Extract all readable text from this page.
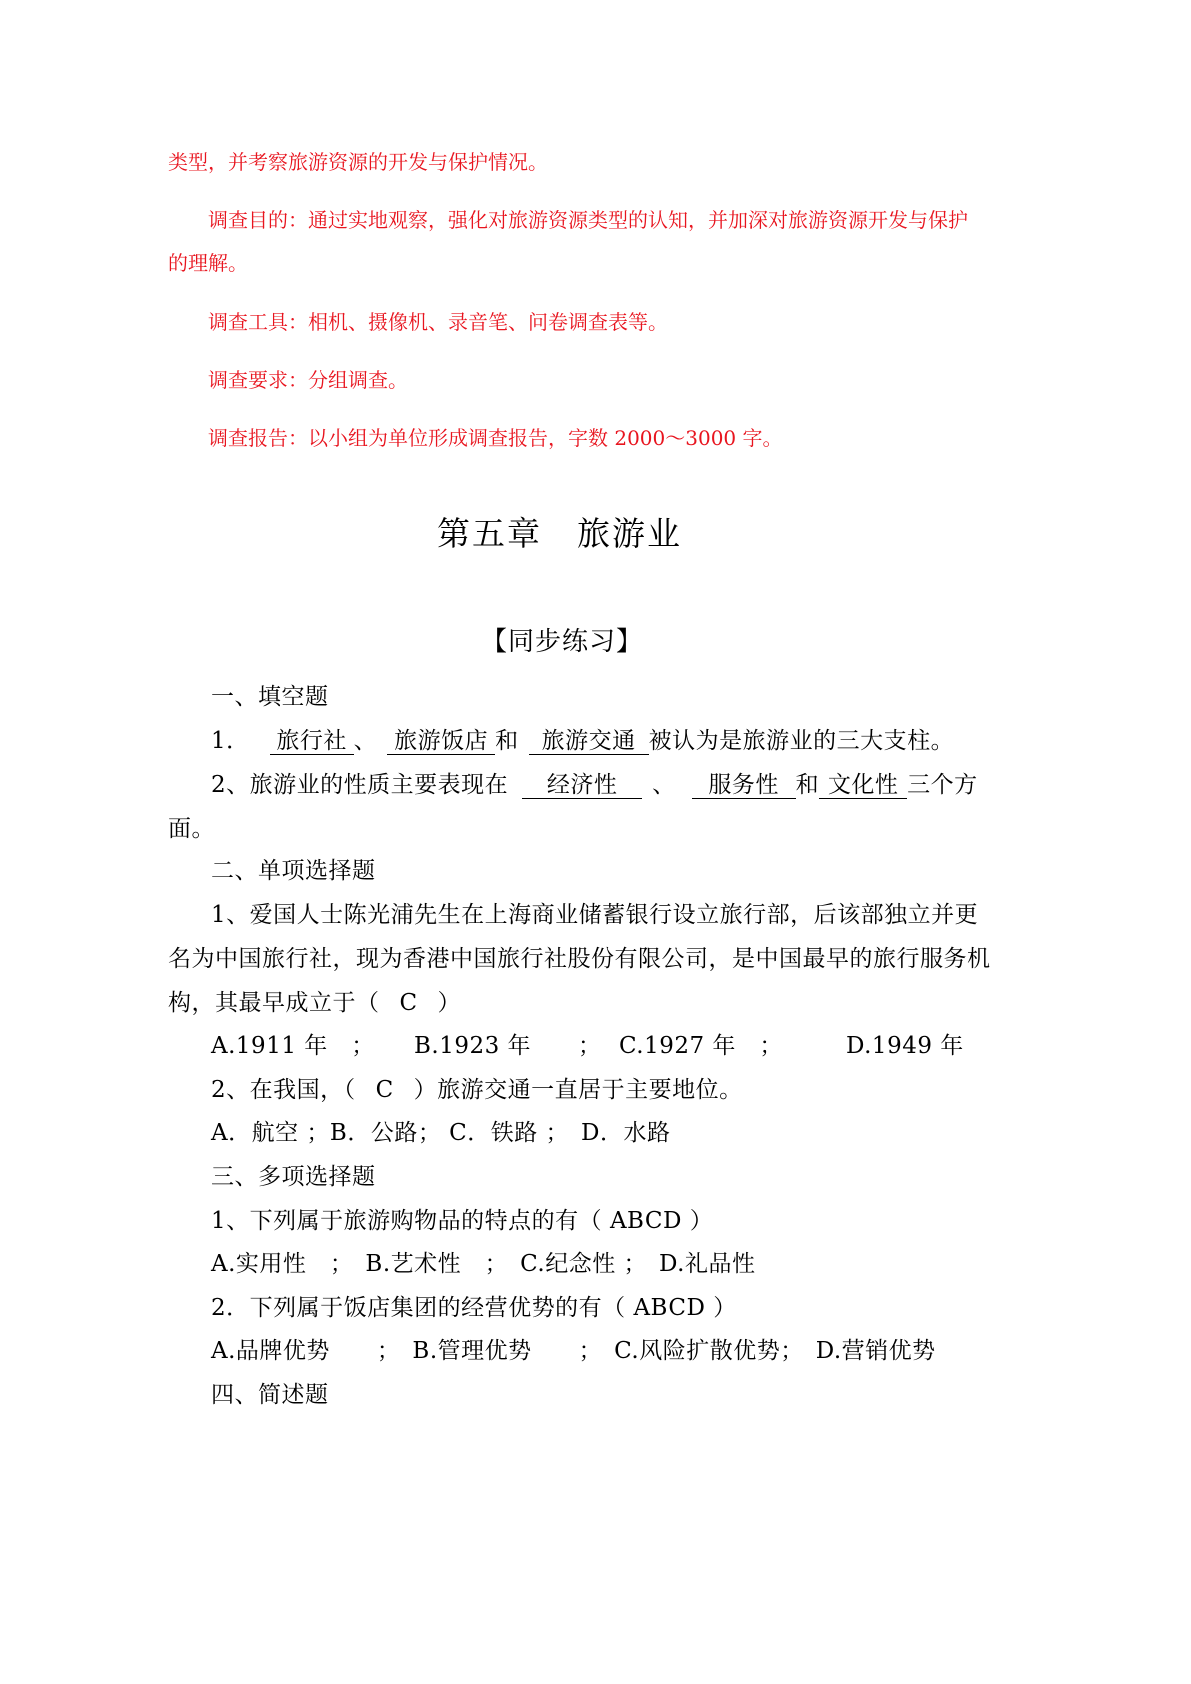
类型，并考察旅游资源的开发与保护情况。
调查目的：通过实地观察，强化对旅游资源类型的认知，并加深对旅游资源开发与保护
的理解。
调查工具：相机、摄像机、录音笔、问卷调查表等。
调查要求：分组调查。
调查报告：以小组为单位形成调查报告，字数 2000～3000 字。
第五章　旅游业
【同步练习】
一、填空题
1． 旅行社 、 旅游饭店 和 旅游交通 被认为是旅游业的三大支柱。
2、旅游业的性质主要表现在 经济性 、 服务性 和 文化性 三个方
面。
二、单项选择题
1、爱国人士陈光浦先生在上海商业储蓄银行设立旅行部，后该部独立并更
名为中国旅行社，现为香港中国旅行社股份有限公司，是中国最早的旅行服务机
构，其最早成立于（ C ）
A.1911 年　； B.1923 年　　； C.1927 年　；	D.1949 年
2、在我国，（ C ）旅游交通一直居于主要地位。
A．航空 ；B．公路； C．铁路 ；　D．水路
三、多项选择题
1、下列属于旅游购物品的特点的有（ ABCD ）
A.实用性　；　B.艺术性　；　C.纪念性 ；　D.礼品性
2．下列属于饭店集团的经营优势的有（ ABCD ）
A.品牌优势　　；　B.管理优势　　；　C.风险扩散优势；　D.营销优势
四、简述题
